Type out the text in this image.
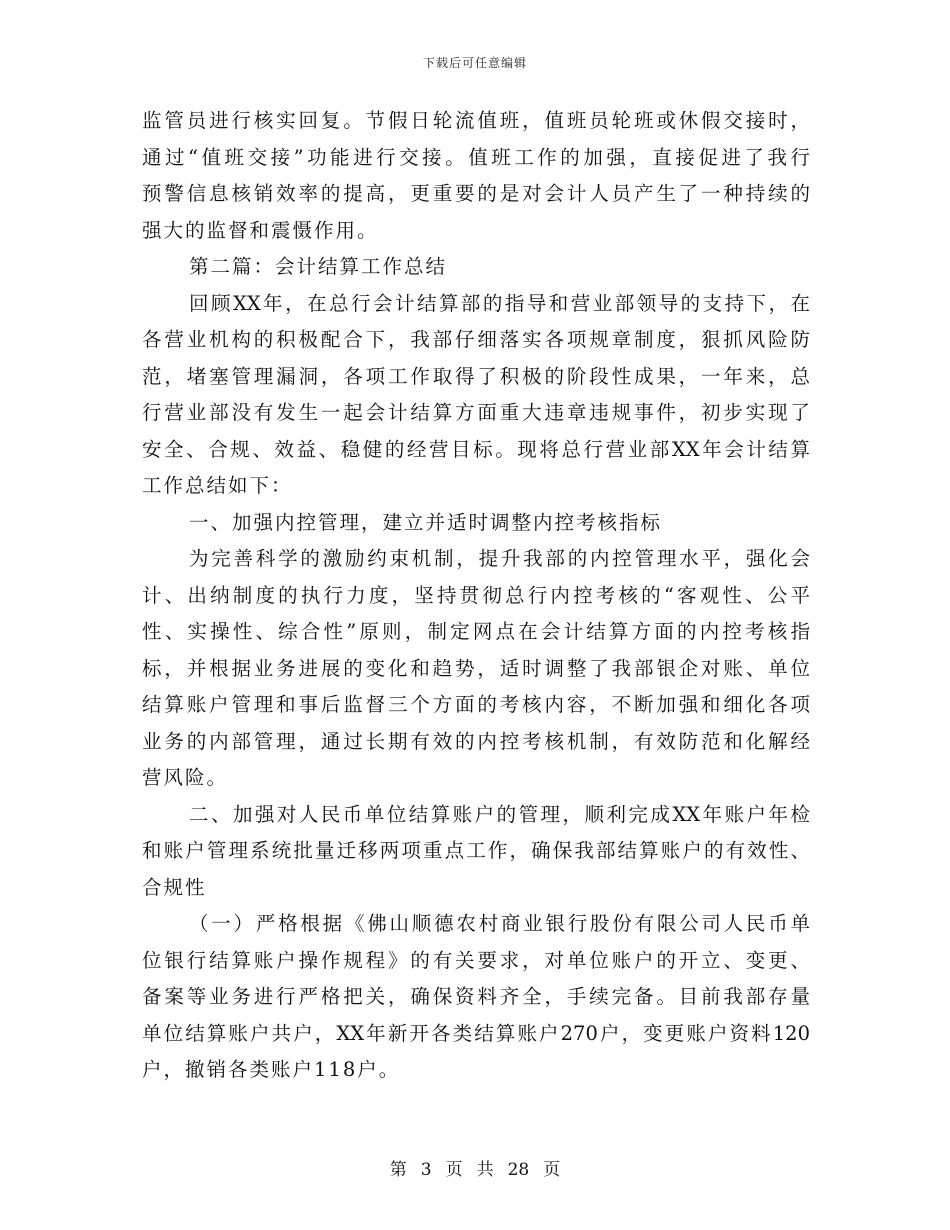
下载后可任意编辑
监管员进行核实回复。节假日轮流值班，值班员轮班或休假交接时，
通过“值班交接”功能进行交接。值班工作的加强，直接促进了我行
预警信息核销效率的提高，更重要的是对会计人员产生了一种持续的
强大的监督和震慑作用。
第二篇：会计结算工作总结
回顾XX年，在总行会计结算部的指导和营业部领导的支持下，在
各营业机构的积极配合下，我部仔细落实各项规章制度，狠抓风险防
范，堵塞管理漏洞，各项工作取得了积极的阶段性成果，一年来，总
行营业部没有发生一起会计结算方面重大违章违规事件，初步实现了
安全、合规、效益、稳健的经营目标。现将总行营业部XX年会计结算
工作总结如下：
一、加强内控管理，建立并适时调整内控考核指标
为完善科学的激励约束机制，提升我部的内控管理水平，强化会
计、出纳制度的执行力度，坚持贯彻总行内控考核的“客观性、公平
性、实操性、综合性”原则，制定网点在会计结算方面的内控考核指
标，并根据业务进展的变化和趋势，适时调整了我部银企对账、单位
结算账户管理和事后监督三个方面的考核内容，不断加强和细化各项
业务的内部管理，通过长期有效的内控考核机制，有效防范和化解经
营风险。
二、加强对人民币单位结算账户的管理，顺利完成XX年账户年检
和账户管理系统批量迁移两项重点工作，确保我部结算账户的有效性、
合规性
（一）严格根据《佛山顺德农村商业银行股份有限公司人民币单
位银行结算账户操作规程》的有关要求，对单位账户的开立、变更、
备案等业务进行严格把关，确保资料齐全，手续完备。目前我部存量
单位结算账户共户，XX年新开各类结算账户270户，变更账户资料120
户，撤销各类账户118户。
第 3 页 共 28 页
